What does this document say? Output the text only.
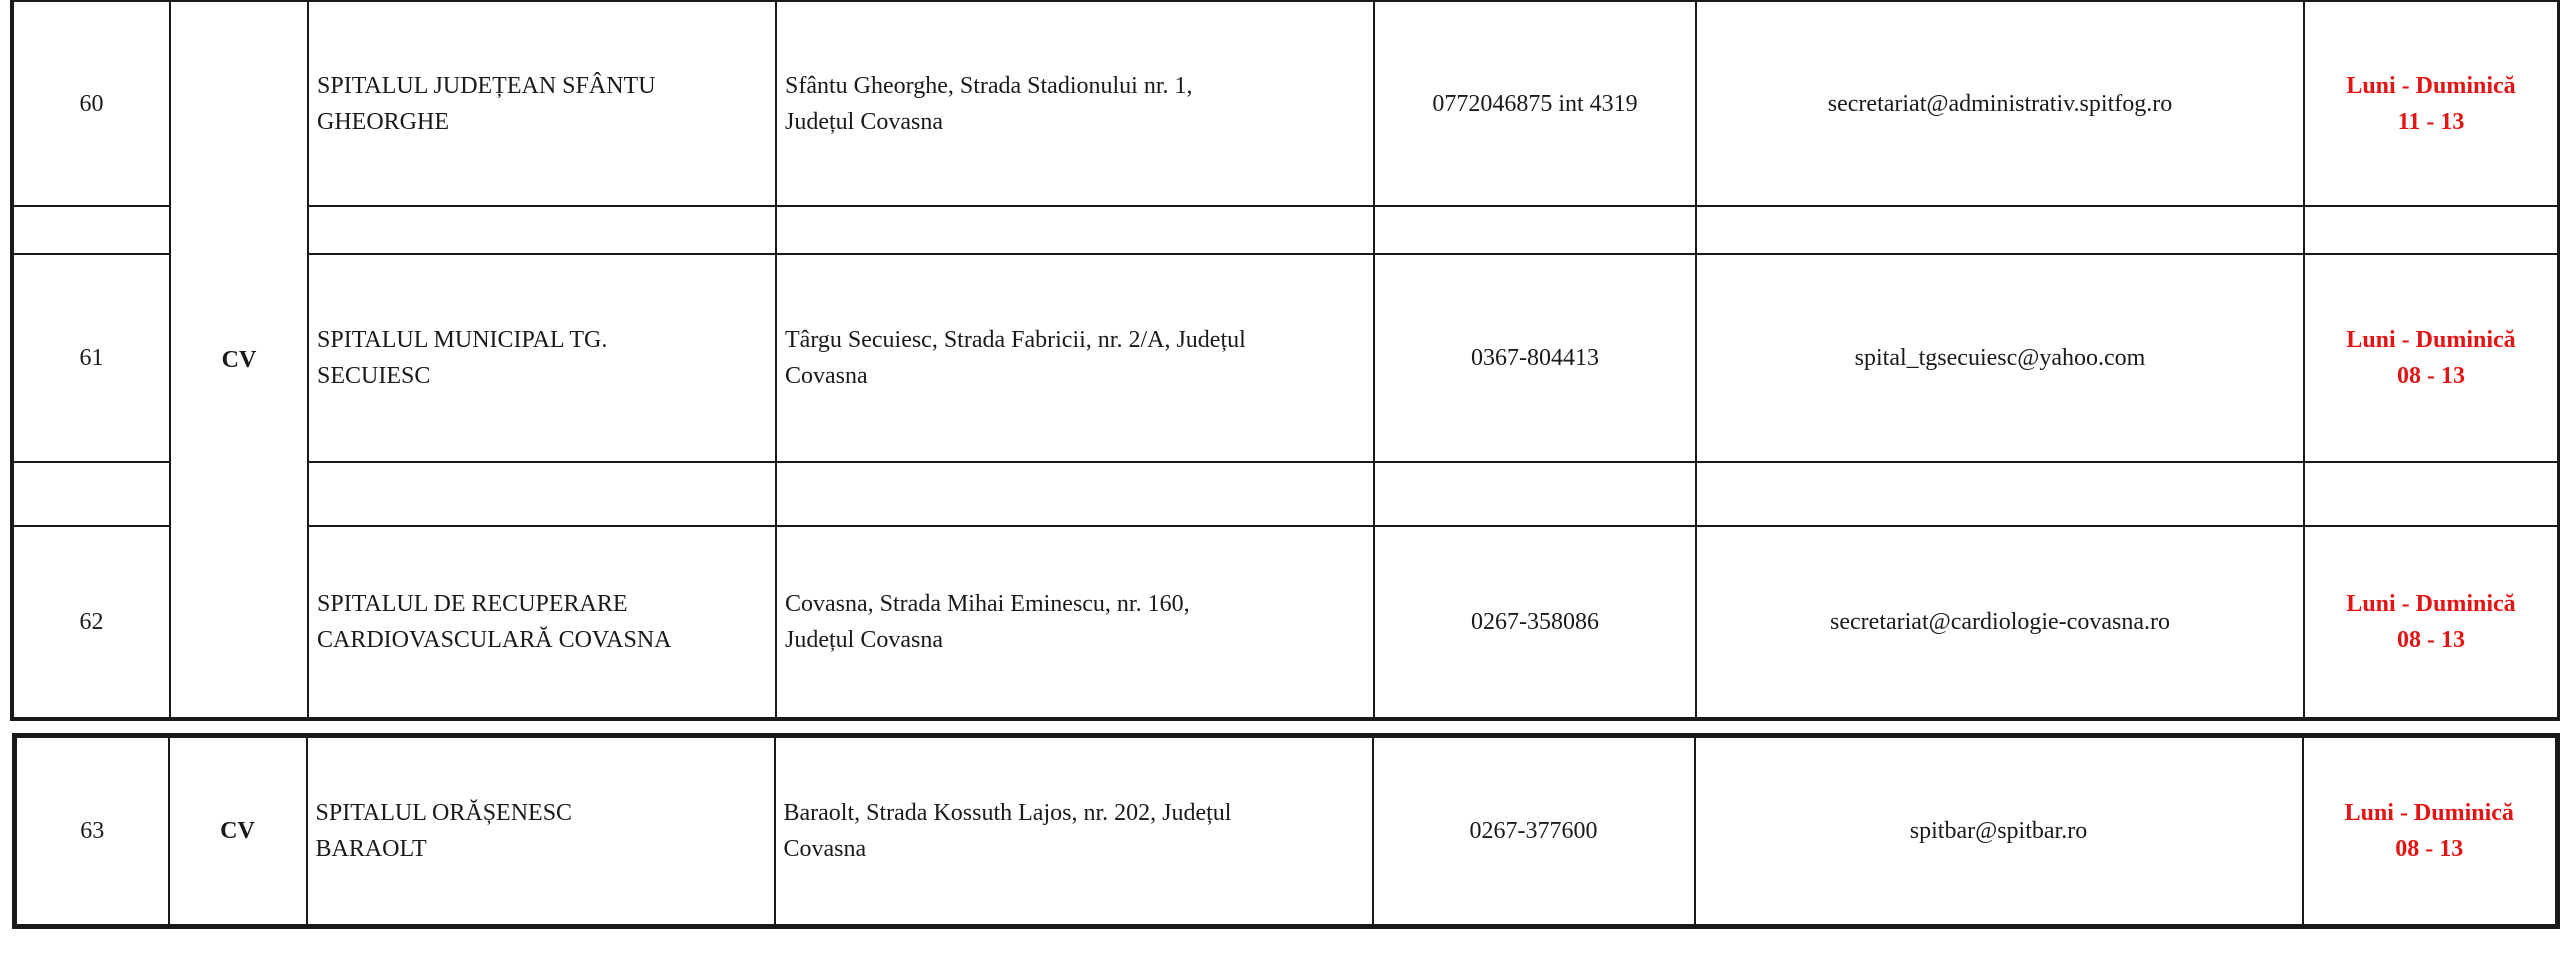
60	CV	SPITALUL JUDEȚEAN SFÂNTU
GHEORGHE	Sfântu Gheorghe, Strada Stadionului nr. 1,
Județul Covasna	0772046875 int 4319	secretariat@administrativ.spitfog.ro	Luni - Duminică
11 - 13

61		SPITALUL MUNICIPAL TG.
SECUIESC	Târgu Secuiesc, Strada Fabricii, nr. 2/A, Județul
Covasna	0367-804413	spital_tgsecuiesc@yahoo.com	Luni - Duminică
08 - 13

62		SPITALUL DE RECUPERARE
CARDIOVASCULARĂ COVASNA	Covasna, Strada Mihai Eminescu, nr. 160,
Județul Covasna	0267-358086	secretariat@cardiologie-covasna.ro	Luni - Duminică
08 - 13
63	CV	SPITALUL ORĂȘENESC
BARAOLT	Baraolt, Strada Kossuth Lajos, nr. 202, Județul
Covasna	0267-377600	spitbar@spitbar.ro	
Luni - Duminică
08 - 13
